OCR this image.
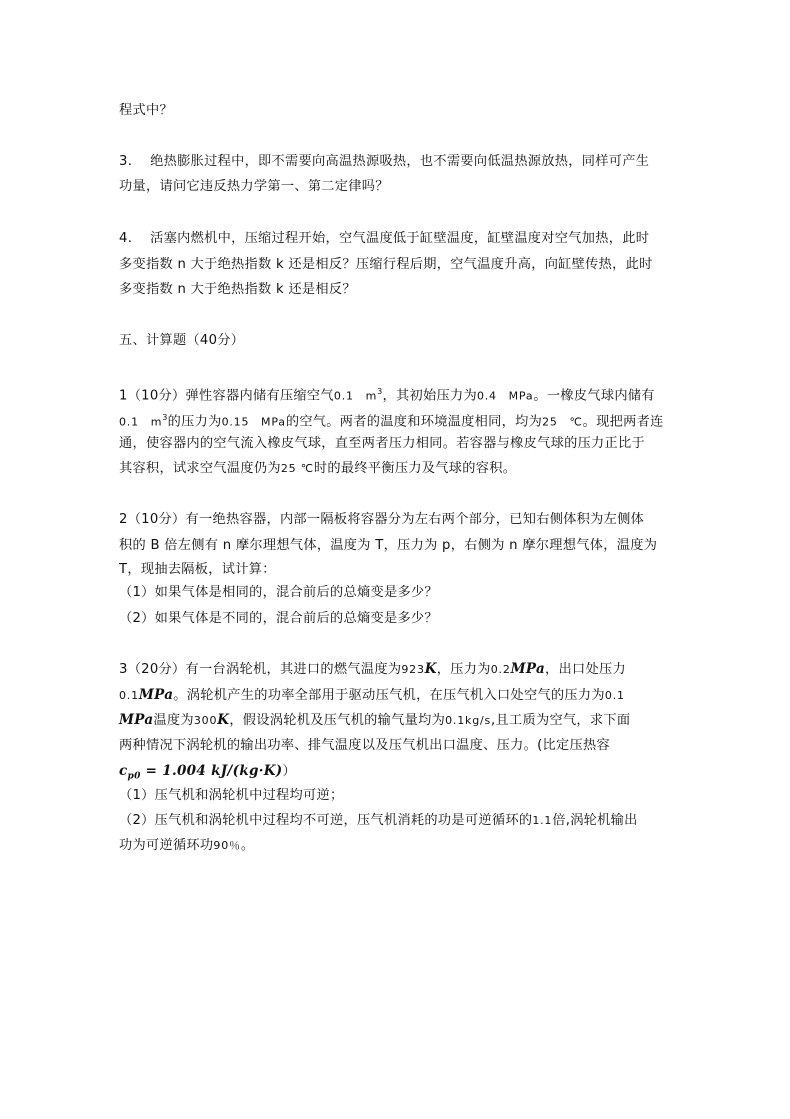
程式中？
3.　 绝热膨胀过程中，即不需要向高温热源吸热，也不需要向低温热源放热，同样可产生
功量，请问它违反热力学第一、第二定律吗？
4.　 活塞内燃机中，压缩过程开始，空气温度低于缸壁温度，缸壁温度对空气加热，此时
多变指数 n 大于绝热指数 k 还是相反？压缩行程后期，空气温度升高，向缸壁传热，此时
多变指数 n 大于绝热指数 k 还是相反？
五、计算题（40分）
1（10分）弹性容器内储有压缩空气0.1　$m^3$，其初始压力为0.4　MPa。一橡皮气球内储有
0.1　$m^3$的压力为0.15　MPa的空气。两者的温度和环境温度相同，均为25　℃。现把两者连
通，使容器内的空气流入橡皮气球，直至两者压力相同。若容器与橡皮气球的压力正比于
其容积，试求空气温度仍为25 ℃时的最终平衡压力及气球的容积。
2（10分）有一绝热容器，内部一隔板将容器分为左右两个部分，已知右侧体积为左侧体
积的 B 倍左侧有 n 摩尔理想气体，温度为 T，压力为 p，右侧为 n 摩尔理想气体，温度为
T，现抽去隔板，试计算：
（1）如果气体是相同的，混合前后的总熵变是多少？
（2）如果气体是不同的，混合前后的总熵变是多少？
3（20分）有一台涡轮机，其进口的燃气温度为923K，压力为0.2MPa，出口处压力
0.1MPa。涡轮机产生的功率全部用于驱动压气机，在压气机入口处空气的压力为0.1
MPa温度为300K，假设涡轮机及压气机的输气量均为0.1kg/s,且工质为空气，求下面
两种情况下涡轮机的输出功率、排气温度以及压气机出口温度、压力。(比定压热容
$c_{p0} = 1.004$ kJ/(kg·K)）
（1）压气机和涡轮机中过程均可逆；
（2）压气机和涡轮机中过程均不可逆，压气机消耗的功是可逆循环的1.1倍,涡轮机输出
功为可逆循环功90％。
